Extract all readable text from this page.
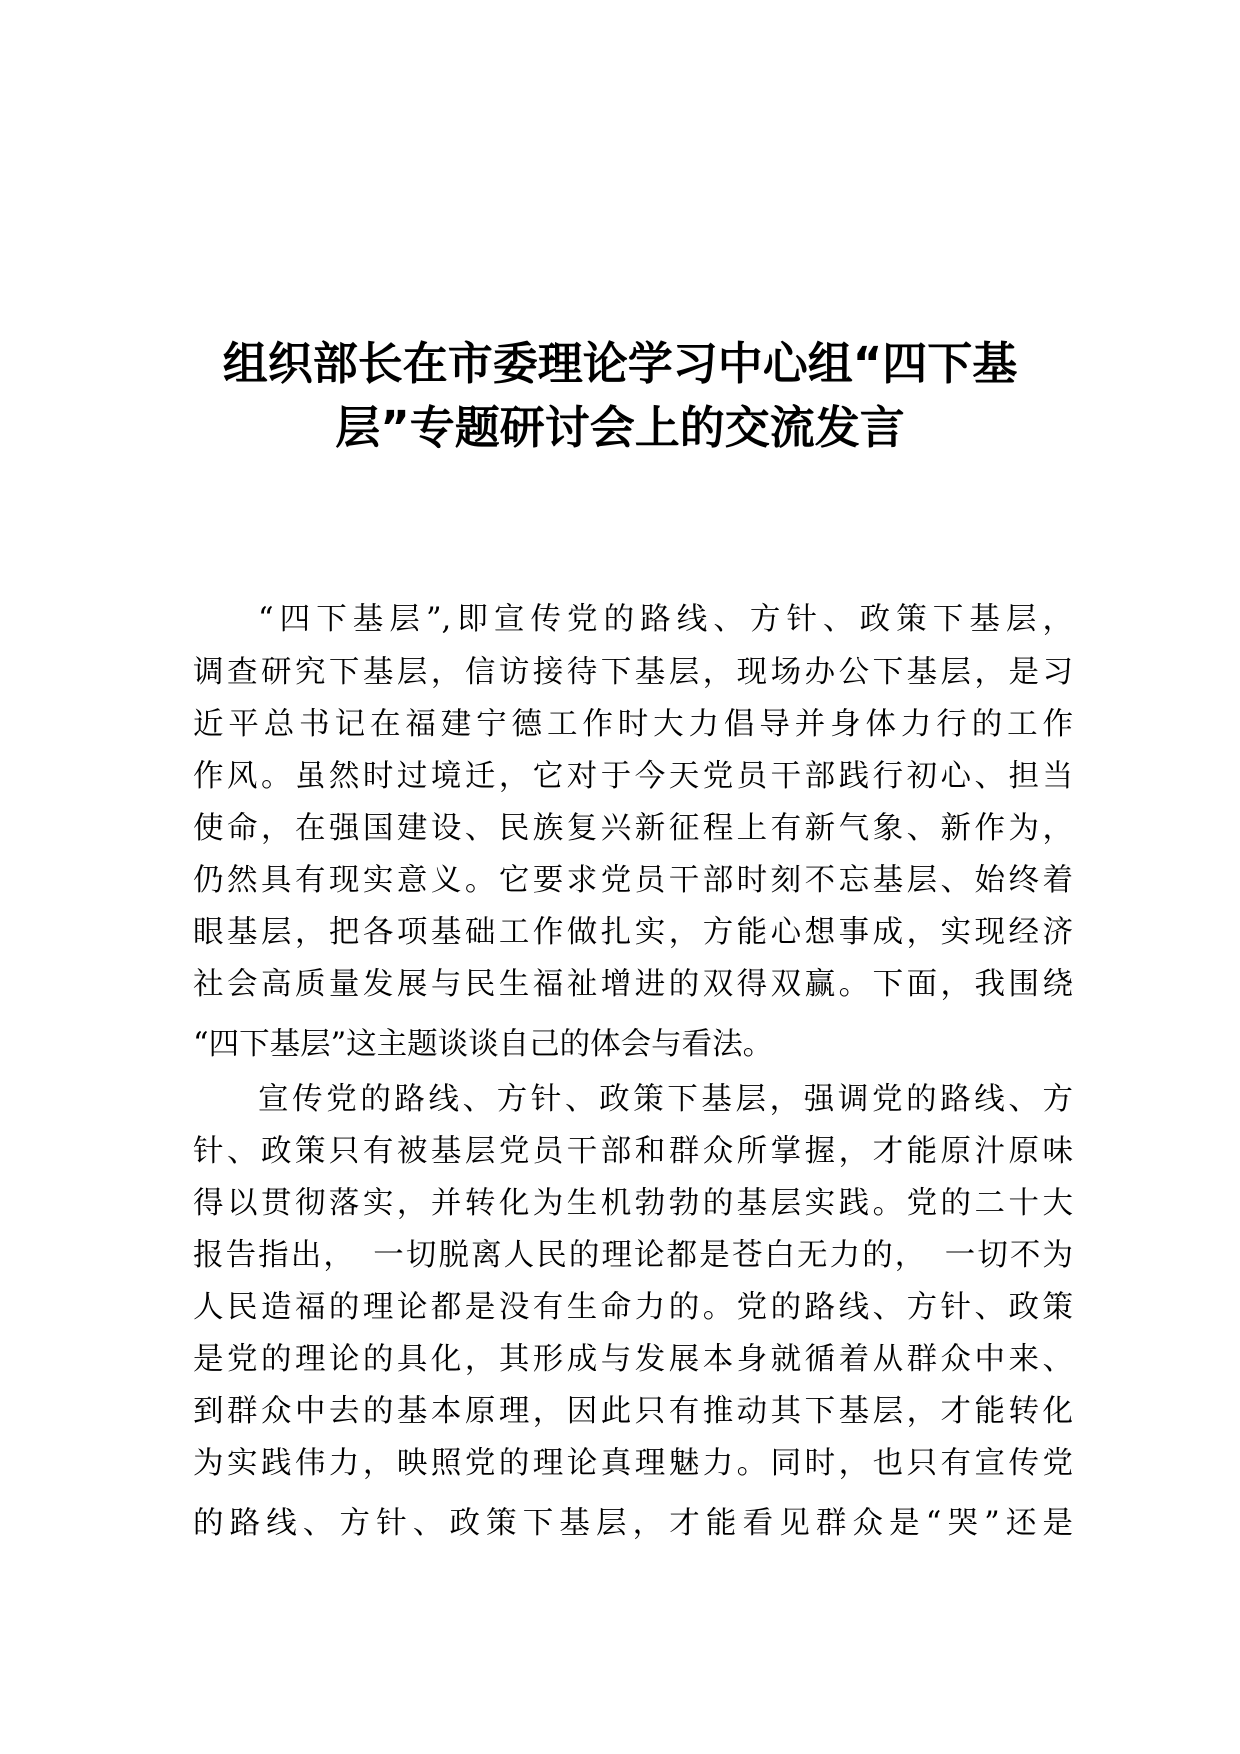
组织部长在市委理论学习中心组“四下基
层”专题研讨会上的交流发言
“四下基层”,即宣传党的路线、方针、政策下基层，
调查研究下基层，信访接待下基层，现场办公下基层，是习
近平总书记在福建宁德工作时大力倡导并身体力行的工作
作风。虽然时过境迁，它对于今天党员干部践行初心、担当
使命，在强国建设、民族复兴新征程上有新气象、新作为，
仍然具有现实意义。它要求党员干部时刻不忘基层、始终着
眼基层，把各项基础工作做扎实，方能心想事成，实现经济
社会高质量发展与民生福祉增进的双得双赢。下面，我围绕
“四下基层”这主题谈谈自己的体会与看法。
宣传党的路线、方针、政策下基层，强调党的路线、方
针、政策只有被基层党员干部和群众所掌握，才能原汁原味
得以贯彻落实，并转化为生机勃勃的基层实践。党的二十大
报告指出，　一切脱离人民的理论都是苍白无力的，　一切不为
人民造福的理论都是没有生命力的。党的路线、方针、政策
是党的理论的具化，其形成与发展本身就循着从群众中来、
到群众中去的基本原理，因此只有推动其下基层，才能转化
为实践伟力，映照党的理论真理魅力。同时，也只有宣传党
的路线、方针、政策下基层，才能看见群众是“哭”还是
